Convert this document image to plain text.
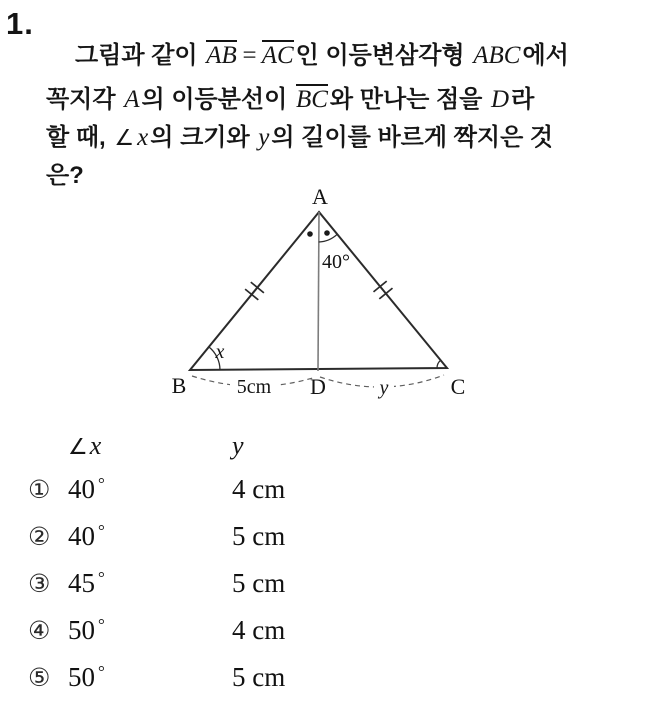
1.

그림과 같이 AB = AC인 이등변삼각형 ABC에서

꼭지각 A의 이등분선이 BC와 만나는 점을 D라

할 때, ∠ x의 크기와 y의 길이를 바르게 짝지은 것

은?

A
B	C
D
40°
x
5cm	y
∠x	y
① 40 °	4 cm
② 40 °	5 cm
③ 45 °	5 cm
④ 50 °	4 cm
⑤ 50 °	5 cm
